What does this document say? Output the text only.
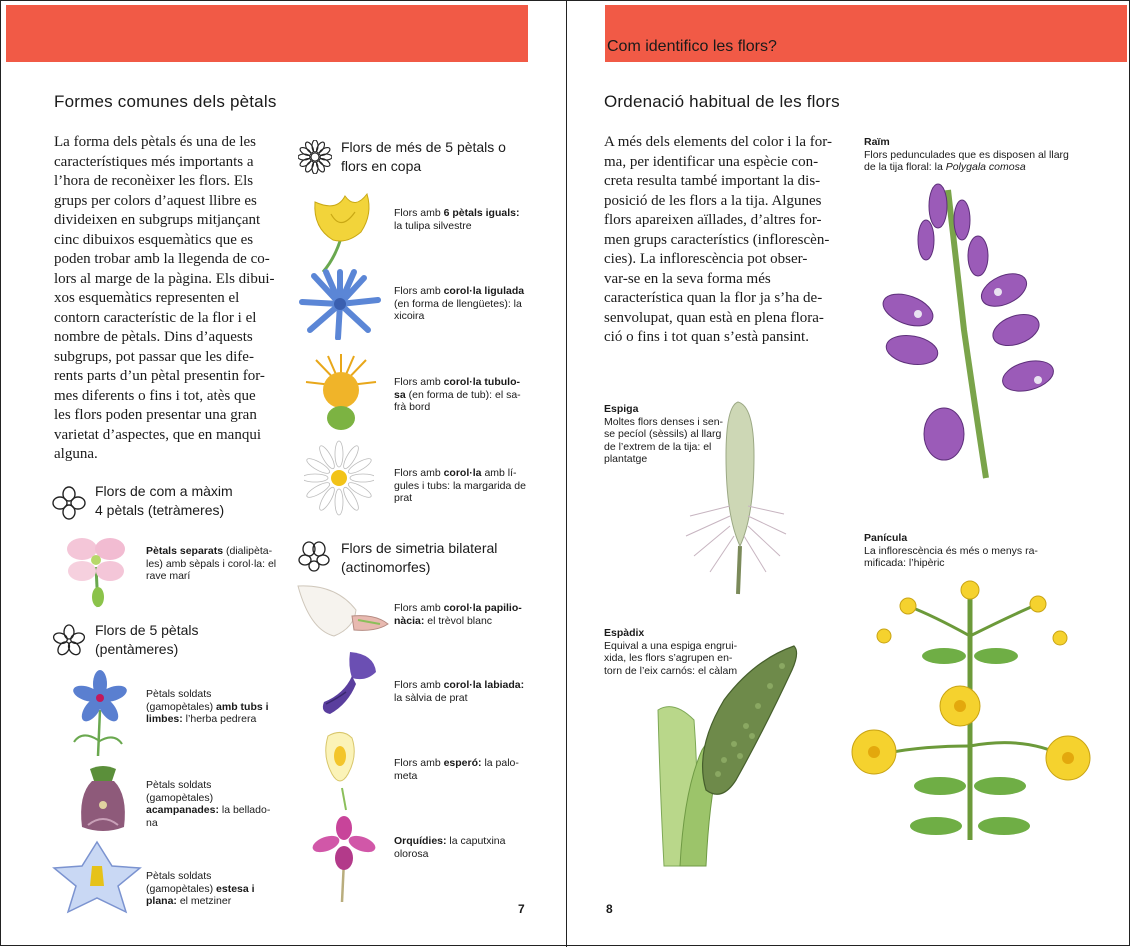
Com identifico les flors?
Formes comunes dels pètals
La forma dels pètals és una de les
característiques més importants a
l’hora de reconèixer les flors. Els
grups per colors d’aquest llibre es
divideixen en subgrups mitjançant
cinc dibuixos esquemàtics que es
poden trobar amb la llegenda de co-
lors al marge de la pàgina. Els dibui-
xos esquemàtics representen el
contorn característic de la flor i el
nombre de pètals. Dins d’aquests
subgrups, pot passar que les dife-
rents parts d’un pètal presentin for-
mes diferents o fins i tot, atès que
les flors poden presentar una gran
varietat d’aspectes, que en manqui
alguna.
Flors de com a màxim
4 pètals (tetràmeres)
Pètals separats (dialipèta- les) amb sèpals i corol·la: el rave marí
Flors de 5 pètals
(pentàmeres)
Pètals soldats (gamopètales) amb tubs i limbes: l’herba pedrera
Pètals soldats (gamopètales) acampanades: la bellado- na
Pètals soldats (gamopètales) estesa i plana: el metziner
Flors de més de 5 pètals o
flors en copa
Flors amb 6 pètals iguals: la tulipa silvestre
Flors amb corol·la ligulada (en forma de llengüetes): la xicoira
Flors amb corol·la tubulo- sa (en forma de tub): el sa- frà bord
Flors amb corol·la amb lí- gules i tubs: la margarida de prat
Flors de simetria bilateral
(actinomorfes)
Flors amb corol·la papilio- nàcia: el trèvol blanc
Flors amb corol·la labiada: la sàlvia de prat
Flors amb esperó: la palo- meta
Orquídies: la caputxina olorosa
7
Ordenació habitual de les flors
A més dels elements del color i la for-
ma, per identificar una espècie con-
creta resulta també important la dis-
posició de les flors a la tija. Algunes
flors apareixen aïllades, d’altres for-
men grups característics (inflorescèn-
cies). La inflorescència pot obser-
var-se en la seva forma més
característica quan la flor ja s’ha de-
senvolupat, quan està en plena flora-
ció o fins i tot quan s’està pansint.
Raïm
Flors pedunculades que es disposen al llarg de la tija floral: la Polygala comosa
Espiga
Moltes flors denses i sen- se pecíol (sèssils) al llarg de l’extrem de la tija: el plantatge
Panícula
La inflorescència és més o menys ra- mificada: l’hipèric
Espàdix
Equival a una espiga engrui- xida, les flors s’agrupen en- torn de l’eix carnós: el càlam
8
